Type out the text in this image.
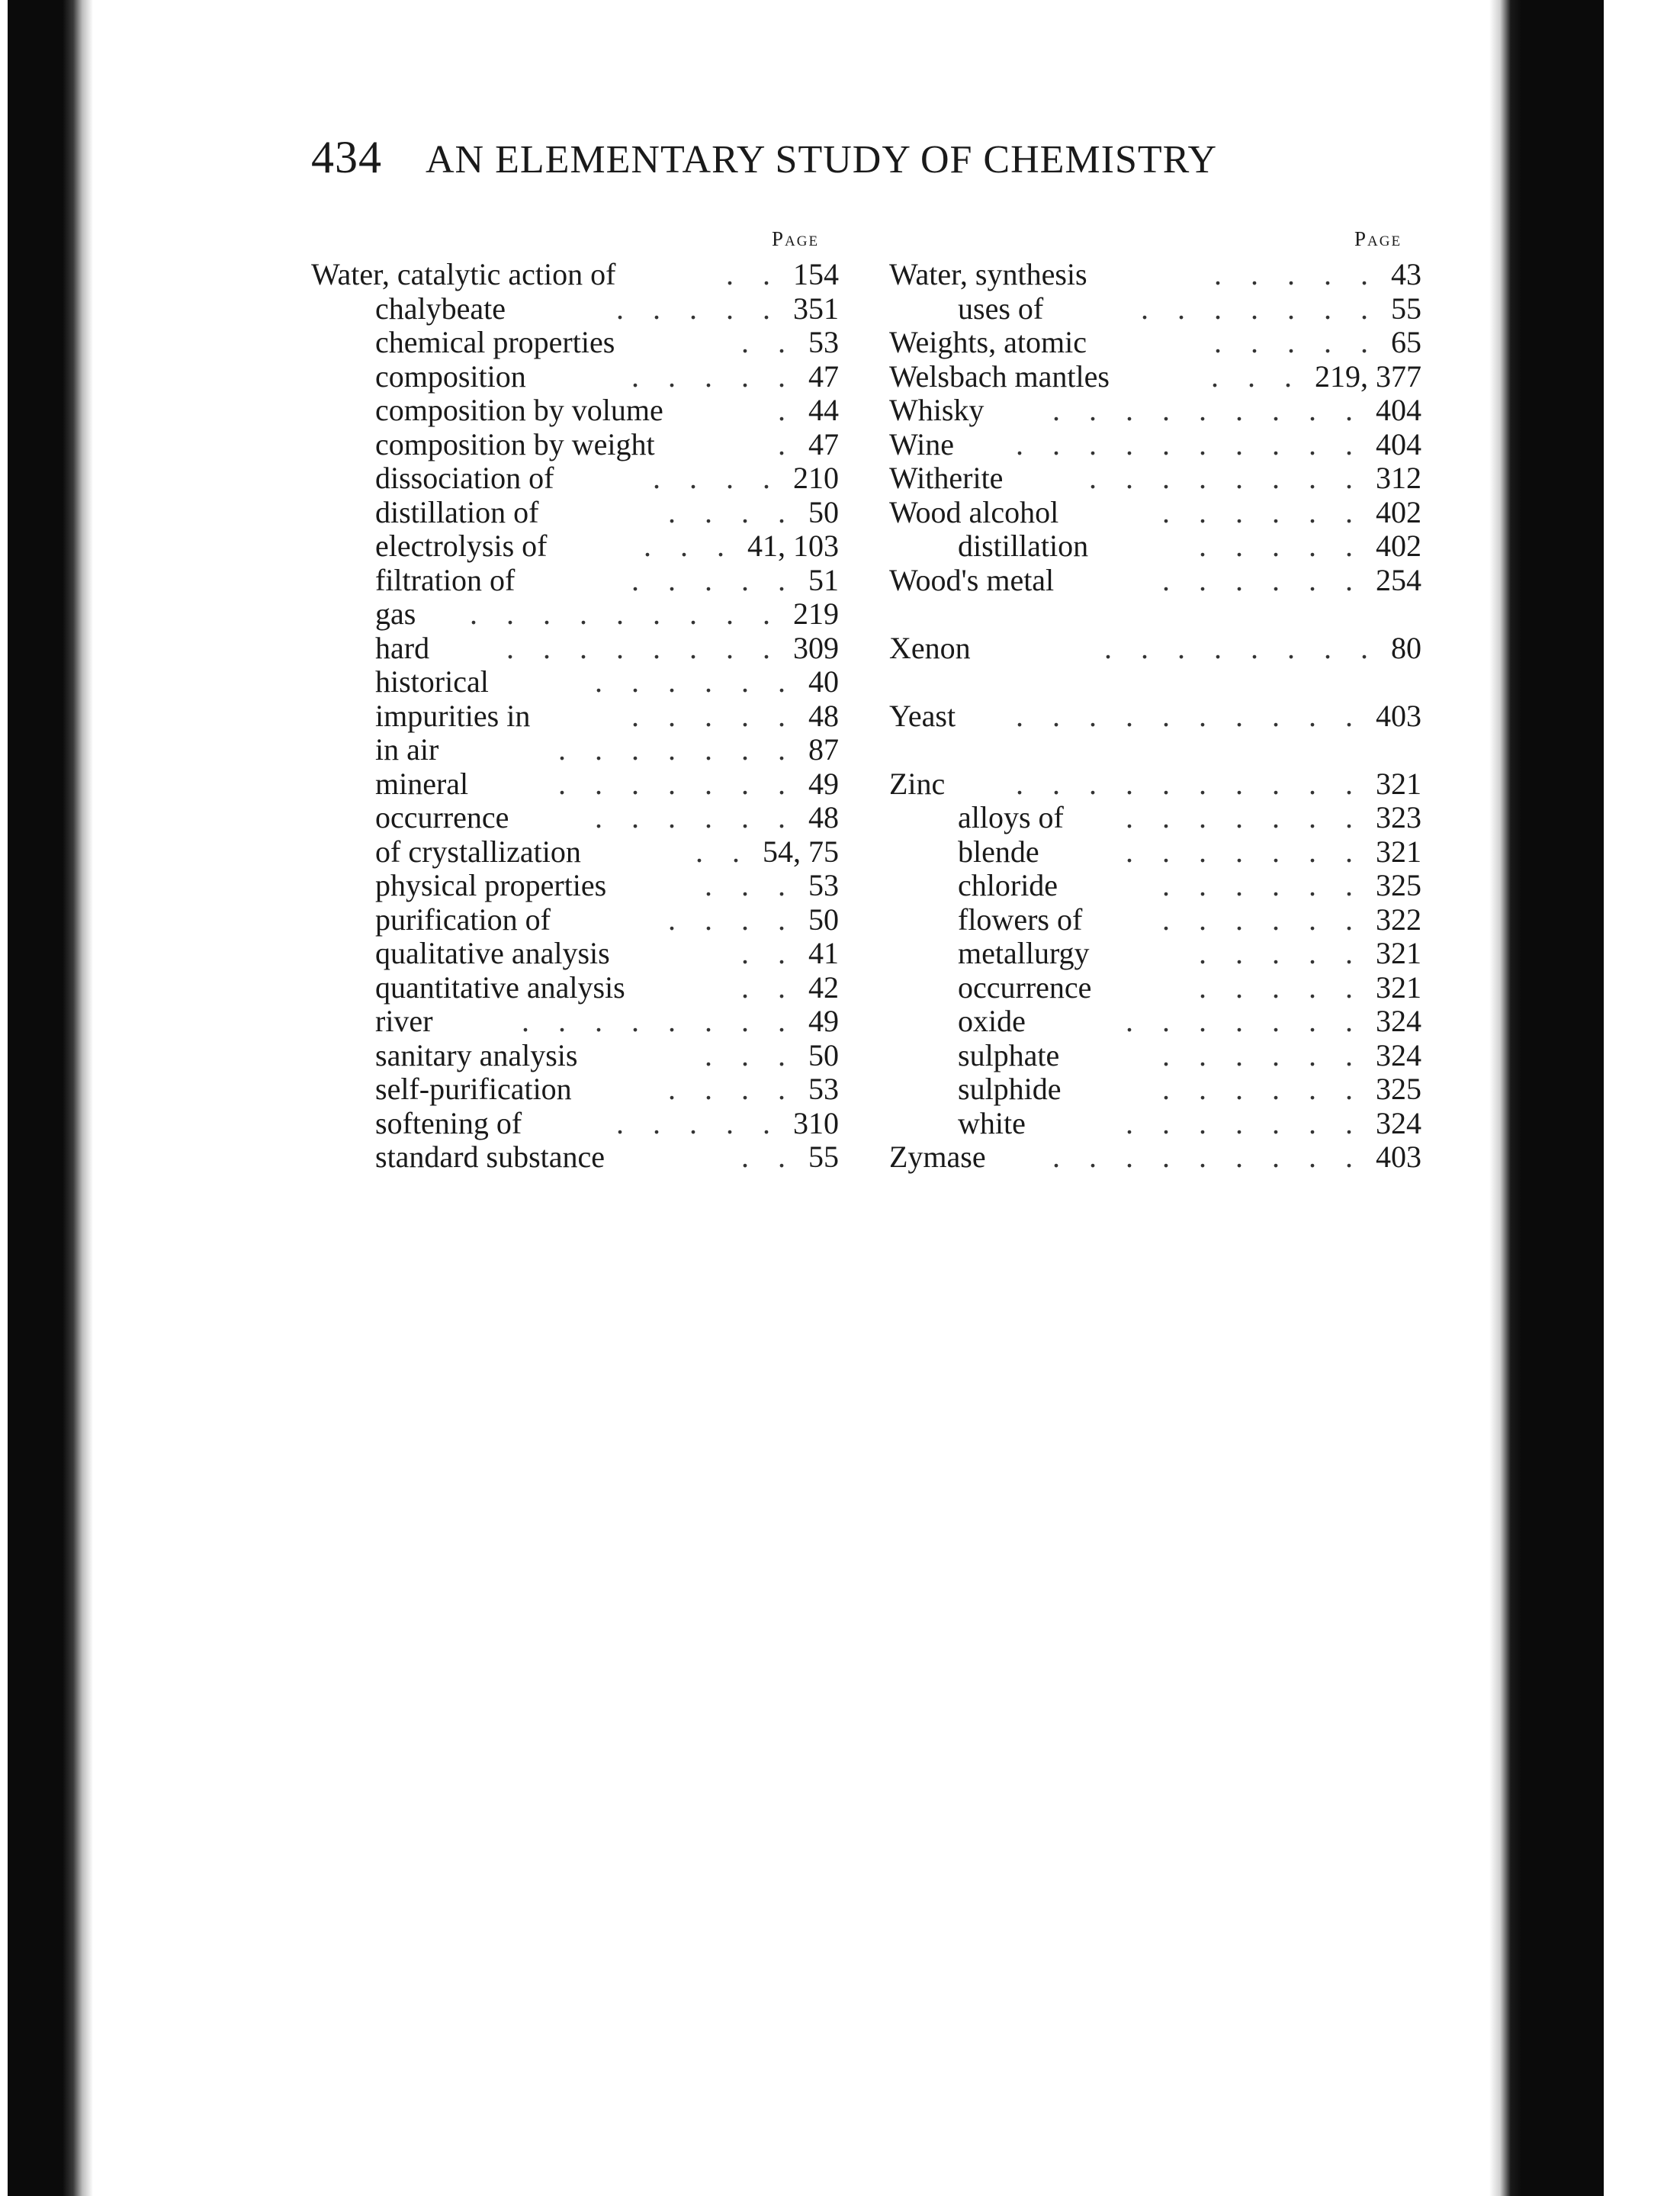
434 AN ELEMENTARY STUDY OF CHEMISTRY
Page	Page
Water, catalytic action of	154
. .
chalybeate	351
. . . . .
chemical properties	53
. .
composition	47
. . . . .
composition by volume	44
.
composition by weight	47
.
dissociation of	210
. . . .
distillation of	50
. . . .
electrolysis of	41, 103
. . .
filtration of	51
. . . . .
gas	219
. . . . . . . . .
hard	309
. . . . . . . .
historical	40
. . . . . .
impurities in	48
. . . . .
in air	87
. . . . . . .
mineral	49
. . . . . . .
occurrence	48
. . . . . .
of crystallization	54, 75
. .
physical properties	53
. . .
purification of	50
. . . .
qualitative analysis	41
. .
quantitative analysis	42
. .
river	49
. . . . . . . .
sanitary analysis	50
. . .
self-purification	53
. . . .
softening of	310
. . . . .
standard substance	55
. .
Water, synthesis	43
. . . . .
uses of	55
. . . . . . .
Weights, atomic	65
. . . . .
Welsbach mantles	219, 377
. . .
Whisky	404
. . . . . . . . .
Wine	404
. . . . . . . . . .
Witherite	312
. . . . . . . .
Wood alcohol	402
. . . . . .
distillation	402
. . . . .
Wood's metal	254
. . . . . .
Xenon	80
. . . . . . . .
Yeast	403
. . . . . . . . . .
Zinc	321
. . . . . . . . . .
alloys of	323
. . . . . . .
blende	321
. . . . . . .
chloride	325
. . . . . .
flowers of	322
. . . . . .
metallurgy	321
. . . . .
occurrence	321
. . . . .
oxide	324
. . . . . . .
sulphate	324
. . . . . .
sulphide	325
. . . . . .
white	324
. . . . . . .
Zymase	403
. . . . . . . . .
